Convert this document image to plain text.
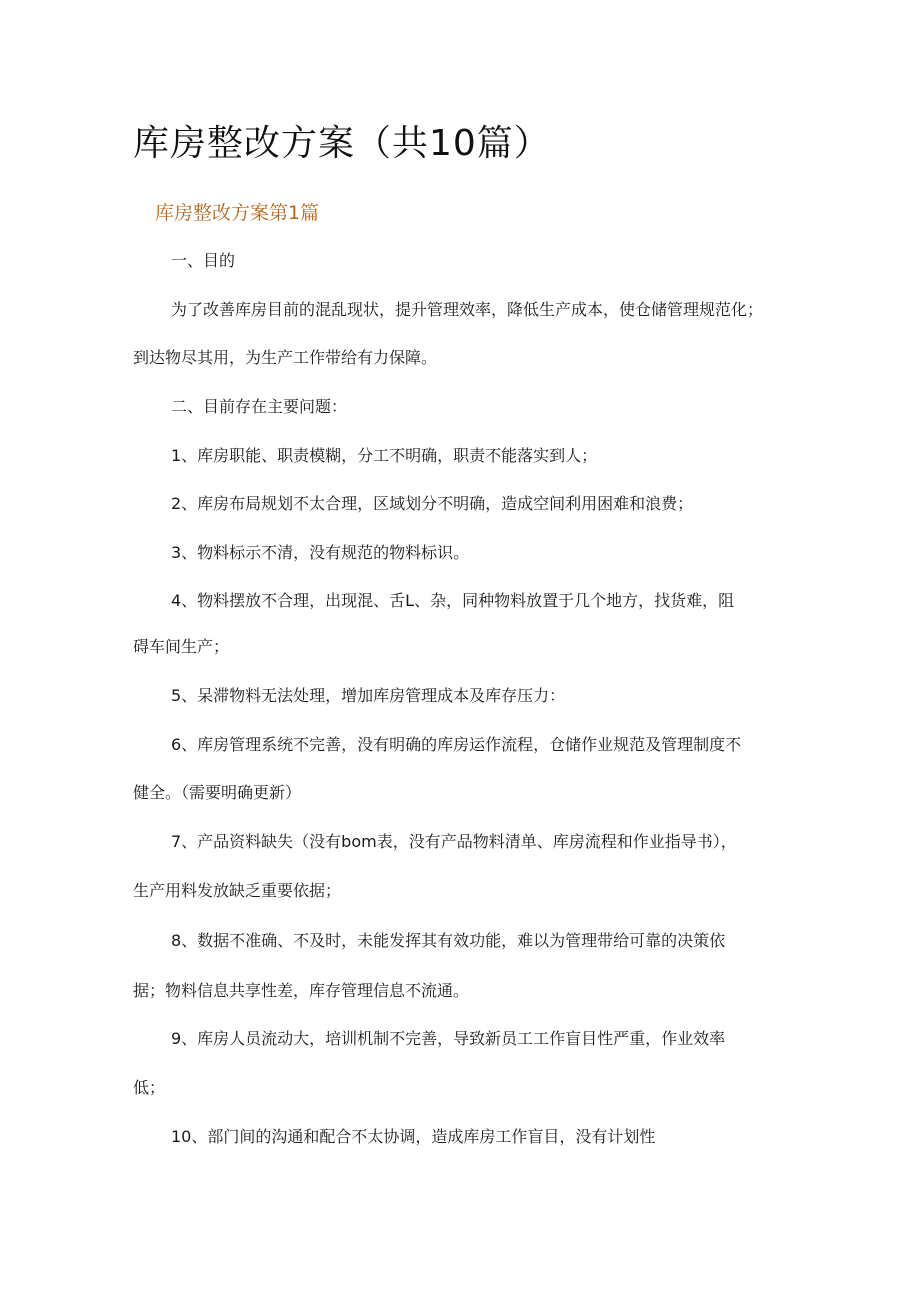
库房整改方案（共10篇）
库房整改方案第1篇

一、目的

为了改善库房目前的混乱现状，提升管理效率，降低生产成本，使仓储管理规范化；

到达物尽其用，为生产工作带给有力保障。

二、目前存在主要问题：

1、库房职能、职责模糊，分工不明确，职责不能落实到人；

2、库房布局规划不太合理，区域划分不明确，造成空间利用困难和浪费；

3、物料标示不清，没有规范的物料标识。

4、物料摆放不合理，出现混、舌L、杂，同种物料放置于几个地方，找货难，阻

碍车间生产；

5、呆滞物料无法处理，增加库房管理成本及库存压力：

6、库房管理系统不完善，没有明确的库房运作流程，仓储作业规范及管理制度不

健全。（需要明确更新）

7、产品资料缺失（没有bom表，没有产品物料清单、库房流程和作业指导书），

生产用料发放缺乏重要依据；

8、数据不准确、不及时，未能发挥其有效功能，难以为管理带给可靠的决策依

据；物料信息共享性差，库存管理信息不流通。

9、库房人员流动大，培训机制不完善，导致新员工工作盲目性严重，作业效率

低；

10、部门间的沟通和配合不太协调，造成库房工作盲目，没有计划性
